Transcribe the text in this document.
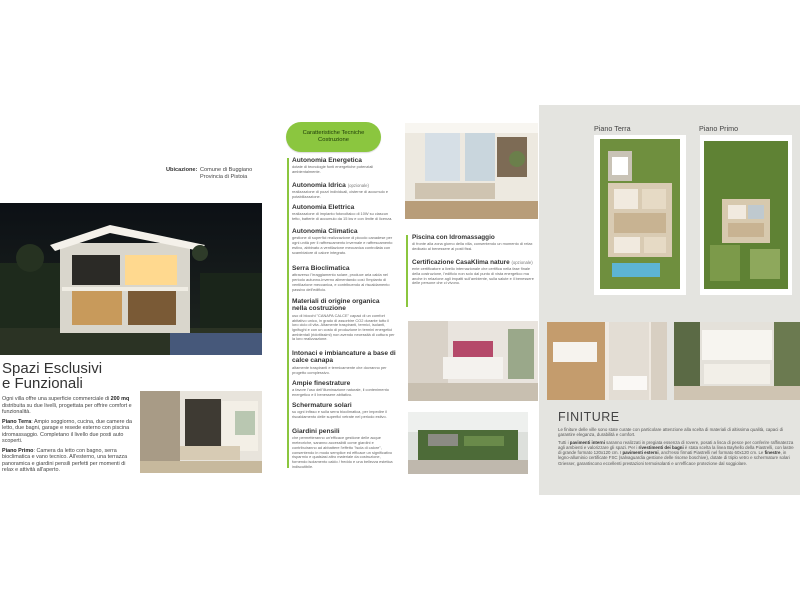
Ubicazione: Comune di Buggiano
Provincia di Pistoia
Spazi Esclusivi
e Funzionali

Ogni villa offre una superficie commerciale di 200 mq distribuita su due livelli, progettata per offrire comfort e funzionalità.

Piano Terra: Ampio soggiorno, cucina, due camere da letto, due bagni, garage e resede esterno con piscina idromassaggio. Completano il livello due posti auto scoperti.

Piano Primo: Camera da letto con bagno, serra bioclimatica e vano tecnico. All'esterno, una terrazza panoramica e giardini pensili perfetti per momenti di relax e attività all'aperto.

Caratteristiche Tecniche
Costruzione
Autonomia Energetica
dotate di tecnologie fonti energetiche potenziali ambientalmente.
Autonomia Idrica (opzionale)
realizzazione di pozzi individuali, cisterne di accumulo e potabilizzazione.
Autonomia Elettrica
realizzazione di impianto fotovoltaico di 10W su ciascun tetto, batterie di accumulo da 15 kw e con limite di licenza.
Autonomia Climatica
gestione di superfici realizzazione di piccolo canadese per ogni unità per il raffrescamento invernale e raffrescamento estivo, abbinato a ventilazione meccanica controllata con scambiatore di calore integrato.
Serra Bioclimatica
attraverso l'irraggiamento solare, produce aria calda nel periodo autunno-inverno alimentando così l'impianto di ventilazione meccanica, e contribuendo al riscaldamento passivo dell'edificio.
Materiali di origine organica nella costruzione
uso di blocchi "CANAPA CALCE" capaci di un comfort abitativo unico, in grado di assorbire CO2 durante tutto il loro ciclo di vita. Altamente traspiranti, termici, isolanti, ignifughi e con un costo di produzione in termini energetici ambientali (ridottissimi) non avendo necessità di cottura per la loro realizzazione.
Intonaci e imbiancature a base di calce canapa
altamente traspiranti e termicamente che dovranno per progetto complessivo.
Ampie finestrature
a favore l'uso dell'illuminazione naturale, il contenimento energetico e il benessere abitativo.
Schermature solari
su ogni infisso e sulla serra bioclimatica, per impedire il riscaldamento delle superfici vetrate nel periodo estivo.
Giardini pensili
che permetteranno un'efficace gestione delle acque meteoriche, saranno accessibili come giardini e contribuiranno ad abbattere l'effetto "isola di calore", consentendo in modo semplice ed efficace un significativo risparmio e qualsiasi altro materiale da costruzione, fornendo isolamento caldo / freddo e una bellezza estetica indiscutibile.
Piscina con Idromassaggio
di fronte alla zona giorno della villa, consentendo un momento di relax dedicato al benessere ai posti fissi.
Certificazione CasaKlima nature (opzionale)
ente certificatore a livello internazionale che certifica nella fase finale della costruzione, l'edificio non solo dal punto di vista energetico ma anche in relazione agli impatti sull'ambiente, sulla salute e il benessere delle persone che ci vivono.
Piano Terra	Piano Primo
FINITURE

Le finiture delle ville sono state curate con particolare attenzione alla scelta di materiali di altissima qualità, capaci di garantire eleganza, durabilità e comfort.

Tutti i pavimenti interni saranno realizzati in pregiata essenza di rovere, posati a lisca di pesce per conferire raffinatezza agli ambienti e valorizzare gli spazi. Per i rivestimenti dei bagni è stata scelta la linea Bayhello della Piastrelli, con lastre di grande formato 120x120 cm. I pavimenti esterni, anch'essi firmati Piastrelli nel formato 60x120 cm. Le finestre, in legno-alluminio certificate FSC (salvaguardia gestione delle risorse boschive), dotate di triplo vetro e schermature solari Griesser, garantiscono eccellenti prestazioni termoisolanti e un'efficace protezione dal soggiolare.
